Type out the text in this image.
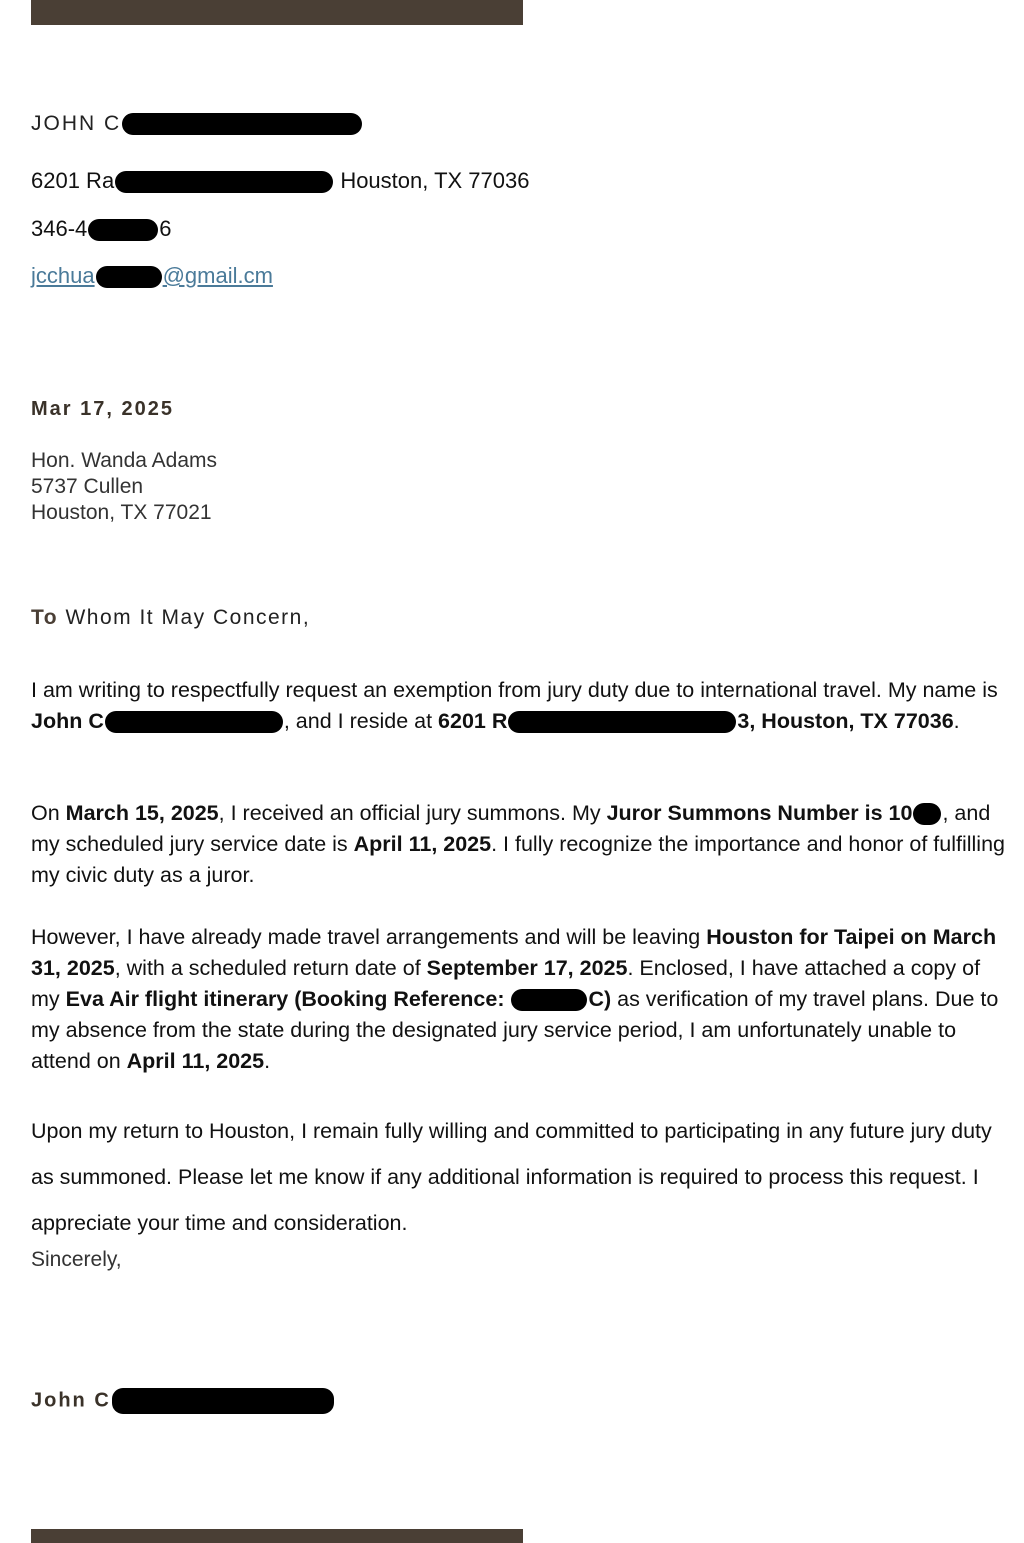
JOHN C
6201 Ra	Houston, TX 77036
346-4	6
jcchua	@gmail.cm
Mar 17, 2025
Hon. Wanda Adams
5737 Cullen
Houston, TX 77021
To Whom It May Concern,

I am writing to respectfully request an exemption from jury duty due to international travel. My name is John C	, and I reside at 6201 R	3, Houston, TX 77036.

On March 15, 2025, I received an official jury summons. My Juror Summons Number is 10 , and my scheduled jury service date is April 11, 2025. I fully recognize the importance and honor of fulfilling my civic duty as a juror.

However, I have already made travel arrangements and will be leaving Houston for Taipei on March 31, 2025, with a scheduled return date of September 17, 2025. Enclosed, I have attached a copy of my Eva Air flight itinerary (Booking Reference:	C) as verification of my travel plans. Due to my absence from the state during the designated jury service period, I am unfortunately unable to attend on April 11, 2025.

Upon my return to Houston, I remain fully willing and committed to participating in any future jury duty as summoned. Please let me know if any additional information is required to process this request. I appreciate your time and consideration.

Sincerely,
John C
